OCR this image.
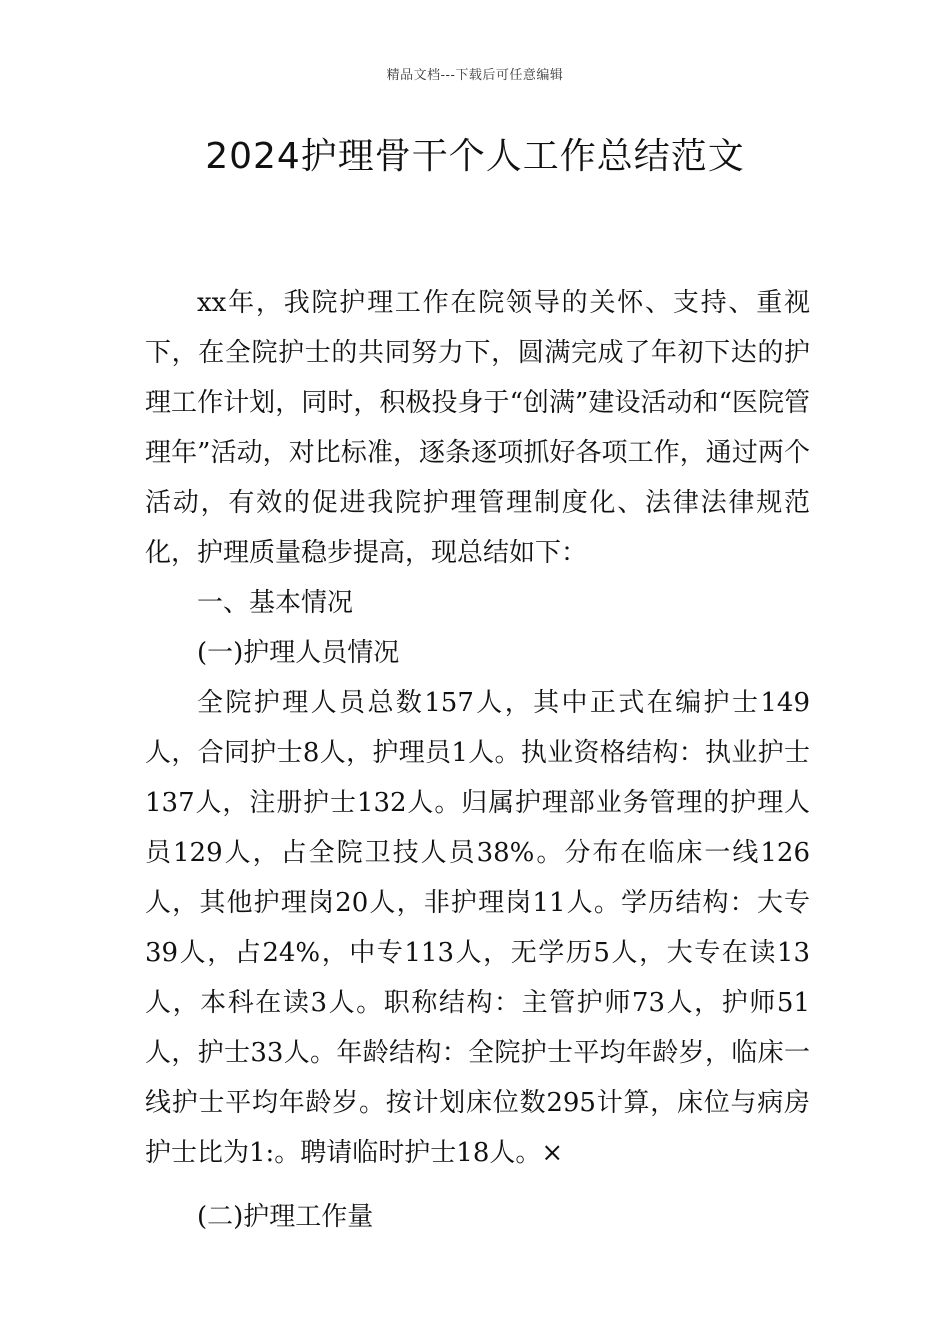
精品文档---下载后可任意编辑
2024护理骨干个人工作总结范文

xx年，我院护理工作在院领导的关怀、支持、重视下，在全院护士的共同努力下，圆满完成了年初下达的护理工作计划，同时，积极投身于“创满”建设活动和“医院管理年”活动，对比标准，逐条逐项抓好各项工作，通过两个活动，有效的促进我院护理管理制度化、法律法律规范化，护理质量稳步提高，现总结如下：

一、基本情况

(一)护理人员情况

全院护理人员总数157人，其中正式在编护士149人，合同护士8人，护理员1人。执业资格结构：执业护士137人，注册护士132人。归属护理部业务管理的护理人员129人，占全院卫技人员38%。分布在临床一线126人，其他护理岗20人，非护理岗11人。学历结构：大专39人，占24%，中专113人，无学历5人，大专在读13人，本科在读3人。职称结构：主管护师73人，护师51人，护士33人。年龄结构：全院护士平均年龄岁，临床一线护士平均年龄岁。按计划床位数295计算，床位与病房护士比为1:。聘请临时护士18人。×

(二)护理工作量
